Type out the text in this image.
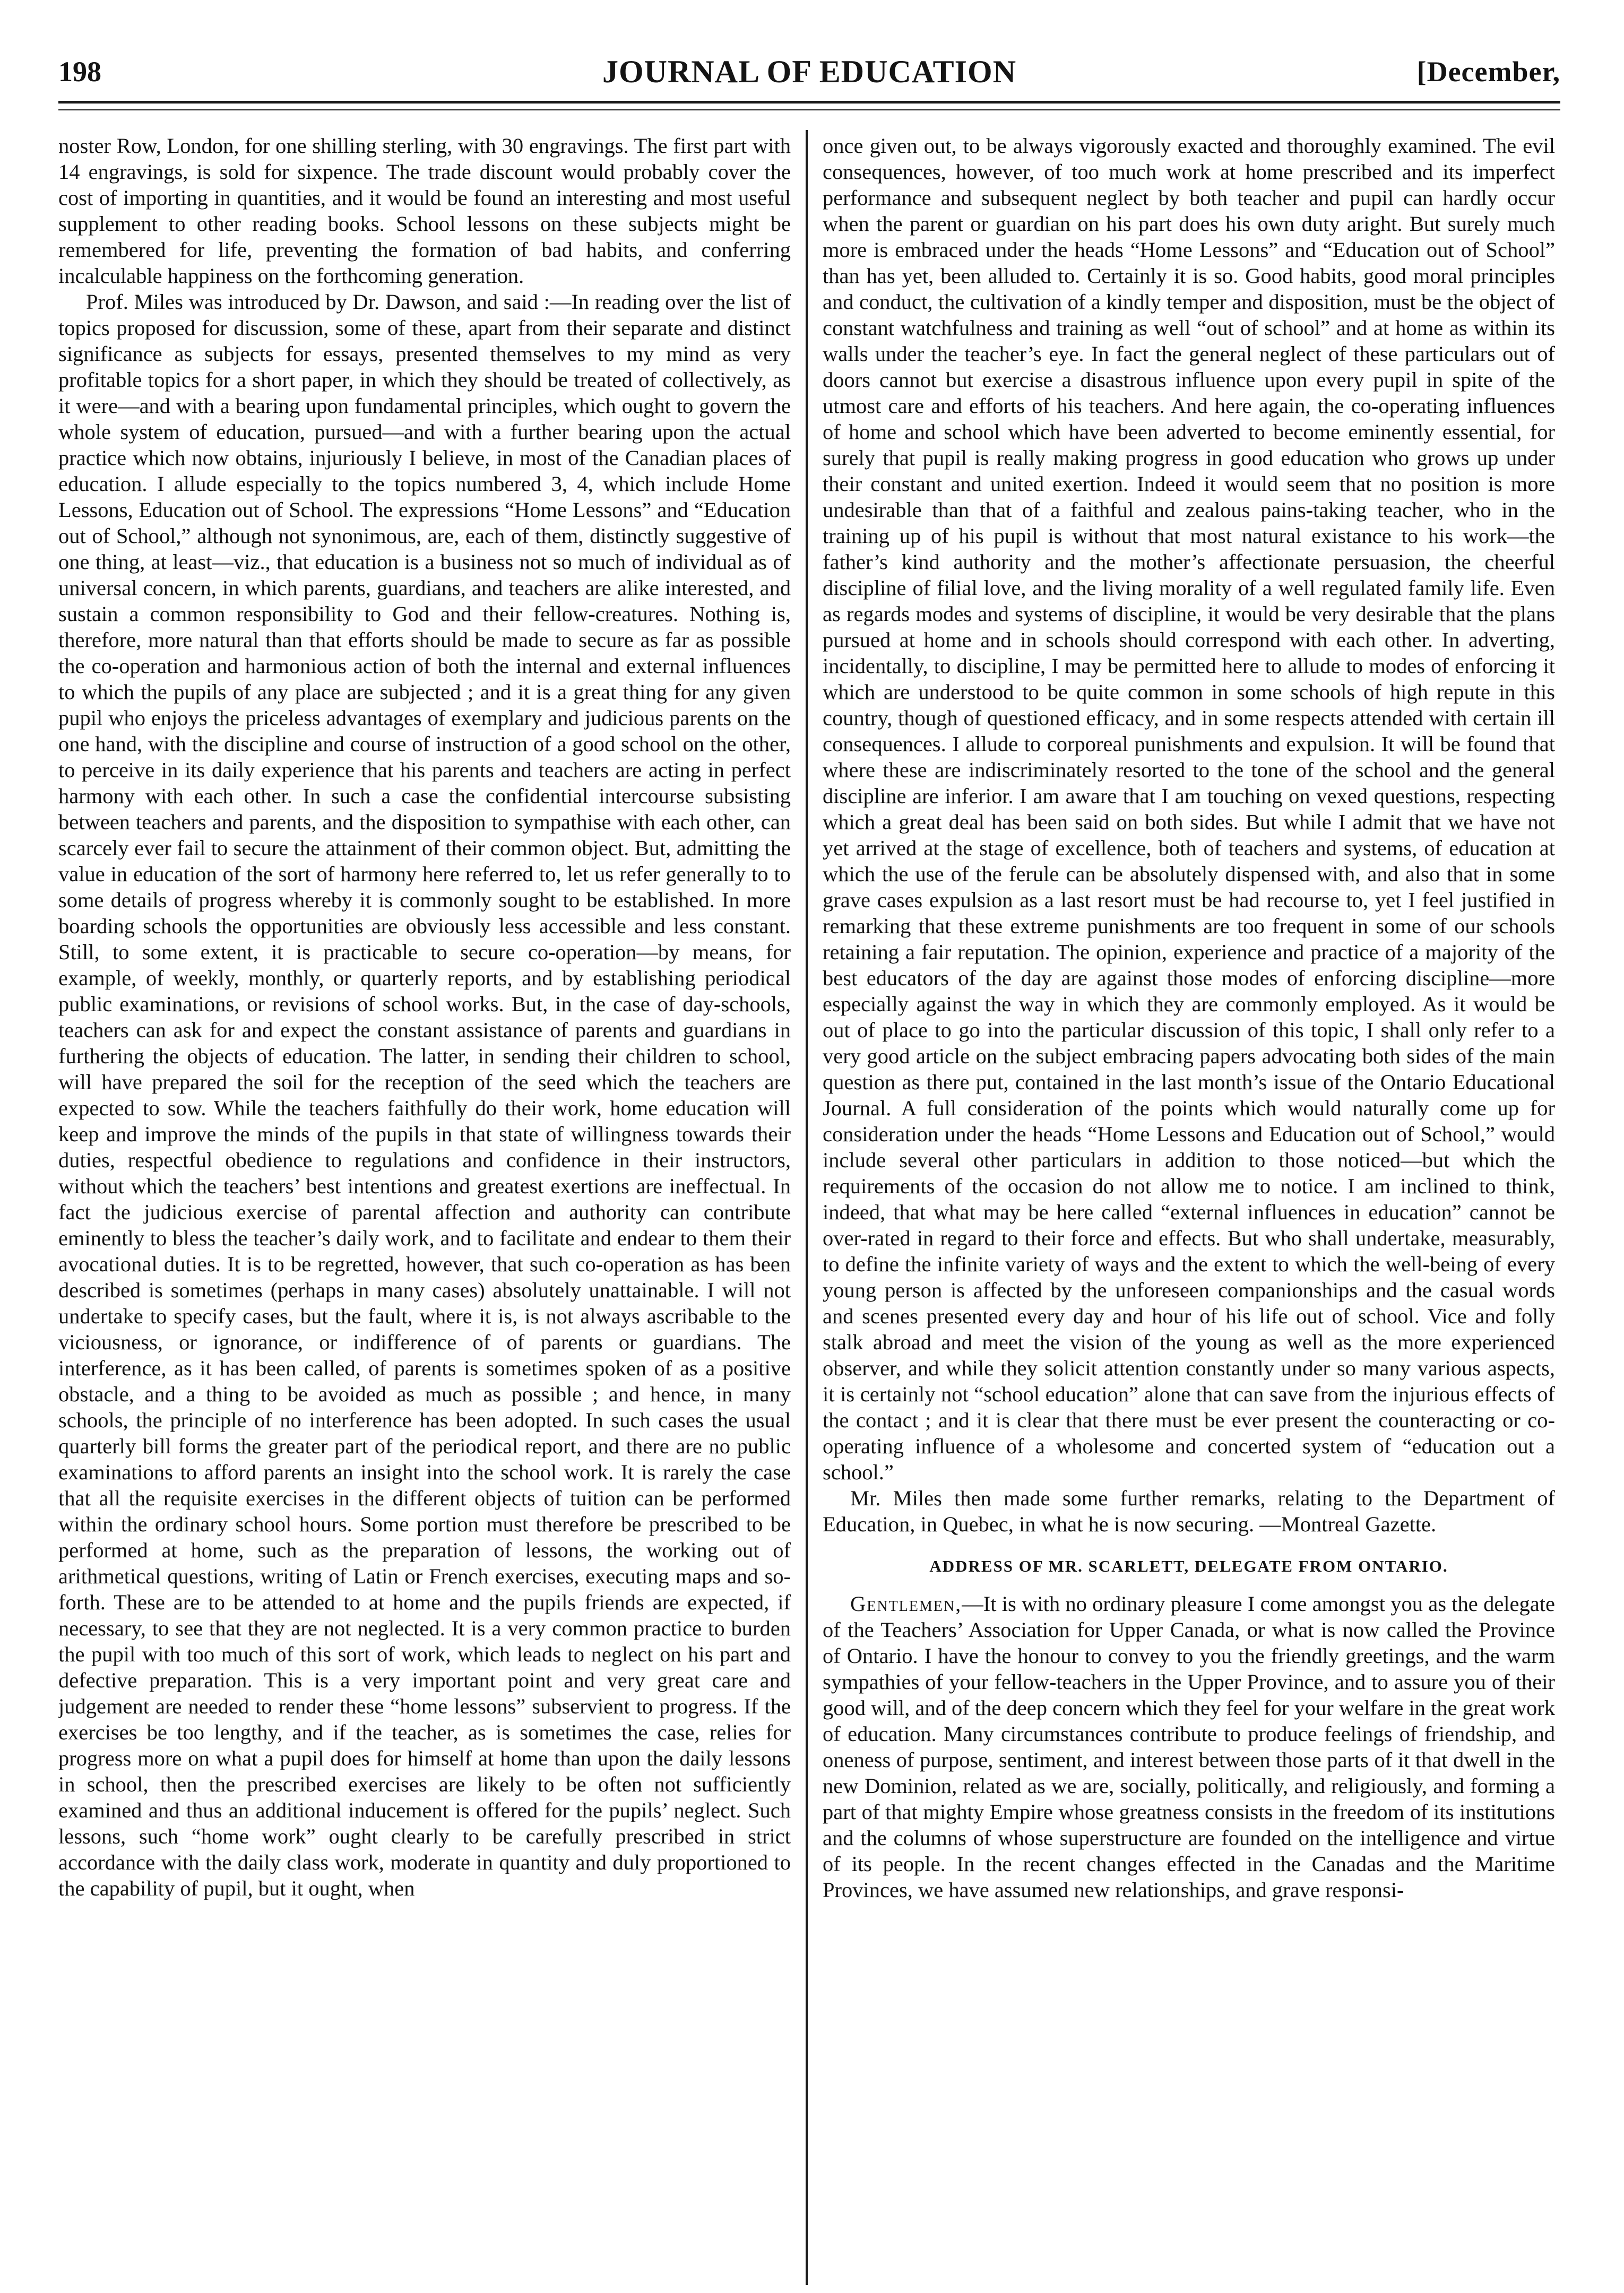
198	JOURNAL OF EDUCATION	[December,

noster Row, London, for one shilling sterling, with 30 engravings. The first part with 14 engravings, is sold for sixpence. The trade discount would probably cover the cost of importing in quantities, and it would be found an interesting and most useful supplement to other reading books. School lessons on these subjects might be remembered for life, preventing the formation of bad habits, and conferring incalculable happiness on the forthcoming generation.

Prof. Miles was introduced by Dr. Dawson, and said :—In reading over the list of topics proposed for discussion, some of these, apart from their separate and distinct significance as subjects for essays, presented themselves to my mind as very profitable topics for a short paper, in which they should be treated of collectively, as it were—and with a bearing upon fundamental principles, which ought to govern the whole system of education, pursued—and with a further bearing upon the actual practice which now obtains, injuriously I believe, in most of the Canadian places of education. I allude especially to the topics numbered 3, 4, which include Home Lessons, Education out of School. The expressions “Home Lessons” and “Education out of School,” although not synonimous, are, each of them, distinctly suggestive of one thing, at least—viz., that education is a business not so much of individual as of universal concern, in which parents, guardians, and teachers are alike interested, and sustain a common responsibility to God and their fellow-creatures. Nothing is, therefore, more natural than that efforts should be made to secure as far as possible the co-operation and harmonious action of both the internal and external influences to which the pupils of any place are subjected ; and it is a great thing for any given pupil who enjoys the priceless advantages of exemplary and judicious parents on the one hand, with the discipline and course of instruction of a good school on the other, to perceive in its daily experience that his parents and teachers are acting in perfect harmony with each other. In such a case the confidential intercourse subsisting between teachers and parents, and the disposition to sympathise with each other, can scarcely ever fail to secure the attainment of their common object. But, admitting the value in education of the sort of harmony here referred to, let us refer generally to to some details of progress whereby it is commonly sought to be established. In more boarding schools the opportunities are obviously less accessible and less constant. Still, to some extent, it is practicable to secure co-operation—by means, for example, of weekly, monthly, or quarterly reports, and by establishing periodical public examinations, or revisions of school works. But, in the case of day-schools, teachers can ask for and expect the constant assistance of parents and guardians in furthering the objects of education. The latter, in sending their children to school, will have prepared the soil for the reception of the seed which the teachers are expected to sow. While the teachers faithfully do their work, home education will keep and improve the minds of the pupils in that state of willingness towards their duties, respectful obedience to regulations and confidence in their instructors, without which the teachers’ best intentions and greatest exertions are ineffectual. In fact the judicious exercise of parental affection and authority can contribute eminently to bless the teacher’s daily work, and to facilitate and endear to them their avocational duties. It is to be regretted, however, that such co-operation as has been described is sometimes (perhaps in many cases) absolutely unattainable. I will not undertake to specify cases, but the fault, where it is, is not always ascribable to the viciousness, or ignorance, or indifference of of parents or guardians. The interference, as it has been called, of parents is sometimes spoken of as a positive obstacle, and a thing to be avoided as much as possible ; and hence, in many schools, the principle of no interference has been adopted. In such cases the usual quarterly bill forms the greater part of the periodical report, and there are no public examinations to afford parents an insight into the school work. It is rarely the case that all the requisite exercises in the different objects of tuition can be performed within the ordinary school hours. Some portion must therefore be prescribed to be performed at home, such as the preparation of lessons, the working out of arithmetical questions, writing of Latin or French exercises, executing maps and so-forth. These are to be attended to at home and the pupils friends are expected, if necessary, to see that they are not neglected. It is a very common practice to burden the pupil with too much of this sort of work, which leads to neglect on his part and defective preparation. This is a very important point and very great care and judgement are needed to render these “home lessons” subservient to progress. If the exercises be too lengthy, and if the teacher, as is sometimes the case, relies for progress more on what a pupil does for himself at home than upon the daily lessons in school, then the prescribed exercises are likely to be often not sufficiently examined and thus an additional inducement is offered for the pupils’ neglect. Such lessons, such “home work” ought clearly to be carefully prescribed in strict accordance with the daily class work, moderate in quantity and duly proportioned to the capability of pupil, but it ought, when

once given out, to be always vigorously exacted and thoroughly examined. The evil consequences, however, of too much work at home prescribed and its imperfect performance and subsequent neglect by both teacher and pupil can hardly occur when the parent or guardian on his part does his own duty aright. But surely much more is embraced under the heads “Home Lessons” and “Education out of School” than has yet, been alluded to. Certainly it is so. Good habits, good moral principles and conduct, the cultivation of a kindly temper and disposition, must be the object of constant watchfulness and training as well “out of school” and at home as within its walls under the teacher’s eye. In fact the general neglect of these particulars out of doors cannot but exercise a disastrous influence upon every pupil in spite of the utmost care and efforts of his teachers. And here again, the co-operating influences of home and school which have been adverted to become eminently essential, for surely that pupil is really making progress in good education who grows up under their constant and united exertion. Indeed it would seem that no position is more undesirable than that of a faithful and zealous pains-taking teacher, who in the training up of his pupil is without that most natural existance to his work—the father’s kind authority and the mother’s affectionate persuasion, the cheerful discipline of filial love, and the living morality of a well regulated family life. Even as regards modes and systems of discipline, it would be very desirable that the plans pursued at home and in schools should correspond with each other. In adverting, incidentally, to discipline, I may be permitted here to allude to modes of enforcing it which are understood to be quite common in some schools of high repute in this country, though of questioned efficacy, and in some respects attended with certain ill consequences. I allude to corporeal punishments and expulsion. It will be found that where these are indiscriminately resorted to the tone of the school and the general discipline are inferior. I am aware that I am touching on vexed questions, respecting which a great deal has been said on both sides. But while I admit that we have not yet arrived at the stage of excellence, both of teachers and systems, of education at which the use of the ferule can be absolutely dispensed with, and also that in some grave cases expulsion as a last resort must be had recourse to, yet I feel justified in remarking that these extreme punishments are too frequent in some of our schools retaining a fair reputation. The opinion, experience and practice of a majority of the best educators of the day are against those modes of enforcing discipline—more especially against the way in which they are commonly employed. As it would be out of place to go into the particular discussion of this topic, I shall only refer to a very good article on the subject embracing papers advocating both sides of the main question as there put, contained in the last month’s issue of the Ontario Educational Journal. A full consideration of the points which would naturally come up for consideration under the heads “Home Lessons and Education out of School,” would include several other particulars in addition to those noticed—but which the requirements of the occasion do not allow me to notice. I am inclined to think, indeed, that what may be here called “external influences in education” cannot be over-rated in regard to their force and effects. But who shall undertake, measurably, to define the infinite variety of ways and the extent to which the well-being of every young person is affected by the unforeseen companionships and the casual words and scenes presented every day and hour of his life out of school. Vice and folly stalk abroad and meet the vision of the young as well as the more experienced observer, and while they solicit attention constantly under so many various aspects, it is certainly not “school education” alone that can save from the injurious effects of the contact ; and it is clear that there must be ever present the counteracting or co-operating influence of a wholesome and concerted system of “education out a school.”

Mr. Miles then made some further remarks, relating to the Department of Education, in Quebec, in what he is now securing. —Montreal Gazette.

ADDRESS OF MR. SCARLETT, DELEGATE FROM ONTARIO.

Gentlemen,—It is with no ordinary pleasure I come amongst you as the delegate of the Teachers’ Association for Upper Canada, or what is now called the Province of Ontario. I have the honour to convey to you the friendly greetings, and the warm sympathies of your fellow-teachers in the Upper Province, and to assure you of their good will, and of the deep concern which they feel for your welfare in the great work of education. Many circumstances contribute to produce feelings of friendship, and oneness of purpose, sentiment, and interest between those parts of it that dwell in the new Dominion, related as we are, socially, politically, and religiously, and forming a part of that mighty Empire whose greatness consists in the freedom of its institutions and the columns of whose superstructure are founded on the intelligence and virtue of its people. In the recent changes effected in the Canadas and the Maritime Provinces, we have assumed new relationships, and grave responsi-
